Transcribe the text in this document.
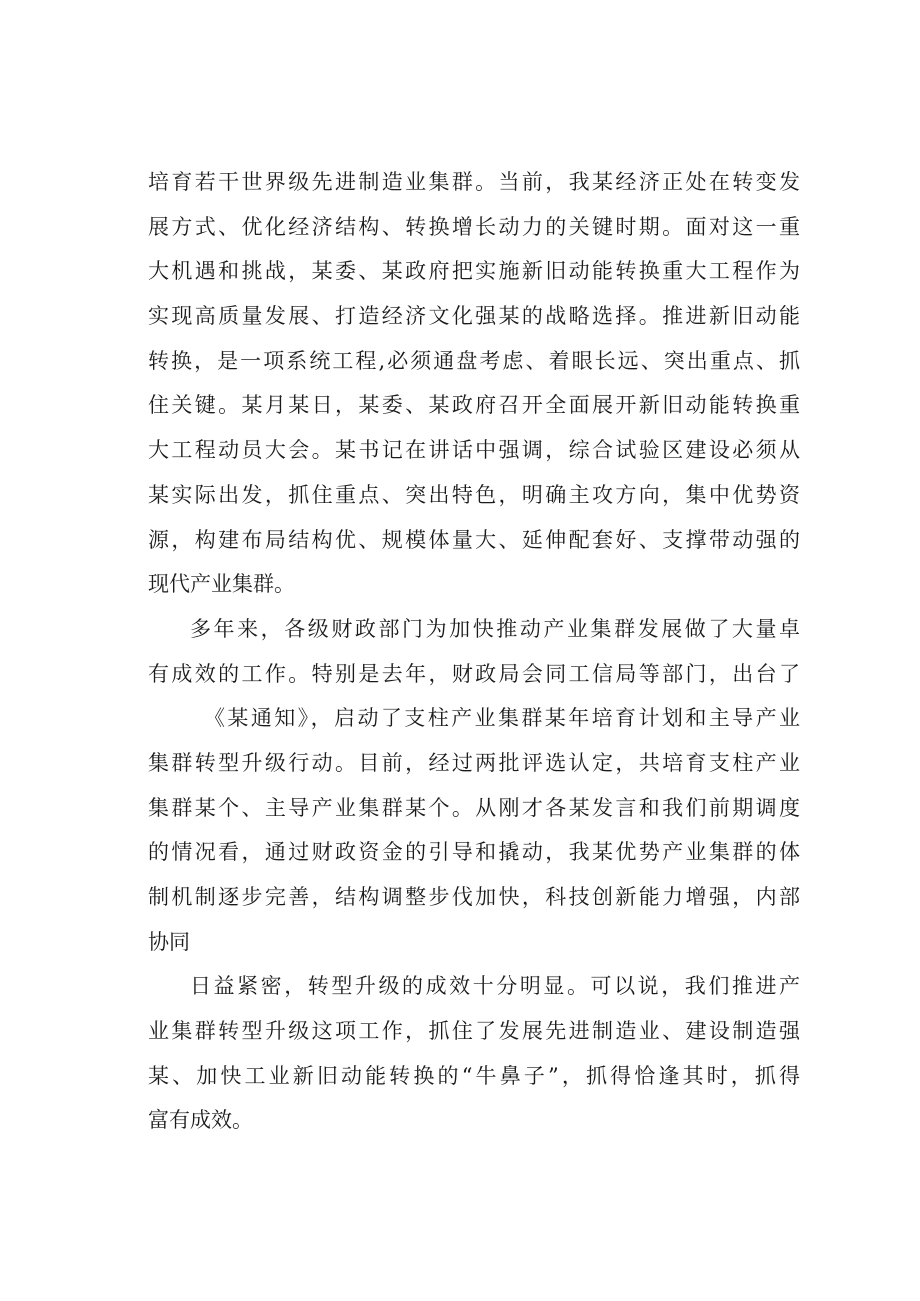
培育若干世界级先进制造业集群。当前，我某经济正处在转变发
展方式、优化经济结构、转换增长动力的关键时期。面对这一重
大机遇和挑战，某委、某政府把实施新旧动能转换重大工程作为
实现高质量发展、打造经济文化强某的战略选择。推进新旧动能
转换，是一项系统工程,必须通盘考虑、着眼长远、突出重点、抓
住关键。某月某日，某委、某政府召开全面展开新旧动能转换重
大工程动员大会。某书记在讲话中强调，综合试验区建设必须从
某实际出发，抓住重点、突出特色，明确主攻方向，集中优势资
源，构建布局结构优、规模体量大、延伸配套好、支撑带动强的
现代产业集群。
多年来，各级财政部门为加快推动产业集群发展做了大量卓
有成效的工作。特别是去年，财政局会同工信局等部门，出台了
《某通知》，启动了支柱产业集群某年培育计划和主导产业
集群转型升级行动。目前，经过两批评选认定，共培育支柱产业
集群某个、主导产业集群某个。从刚才各某发言和我们前期调度
的情况看，通过财政资金的引导和撬动，我某优势产业集群的体
制机制逐步完善，结构调整步伐加快，科技创新能力增强，内部
协同
日益紧密，转型升级的成效十分明显。可以说，我们推进产
业集群转型升级这项工作，抓住了发展先进制造业、建设制造强
某、加快工业新旧动能转换的“牛鼻子”，抓得恰逢其时，抓得
富有成效。
